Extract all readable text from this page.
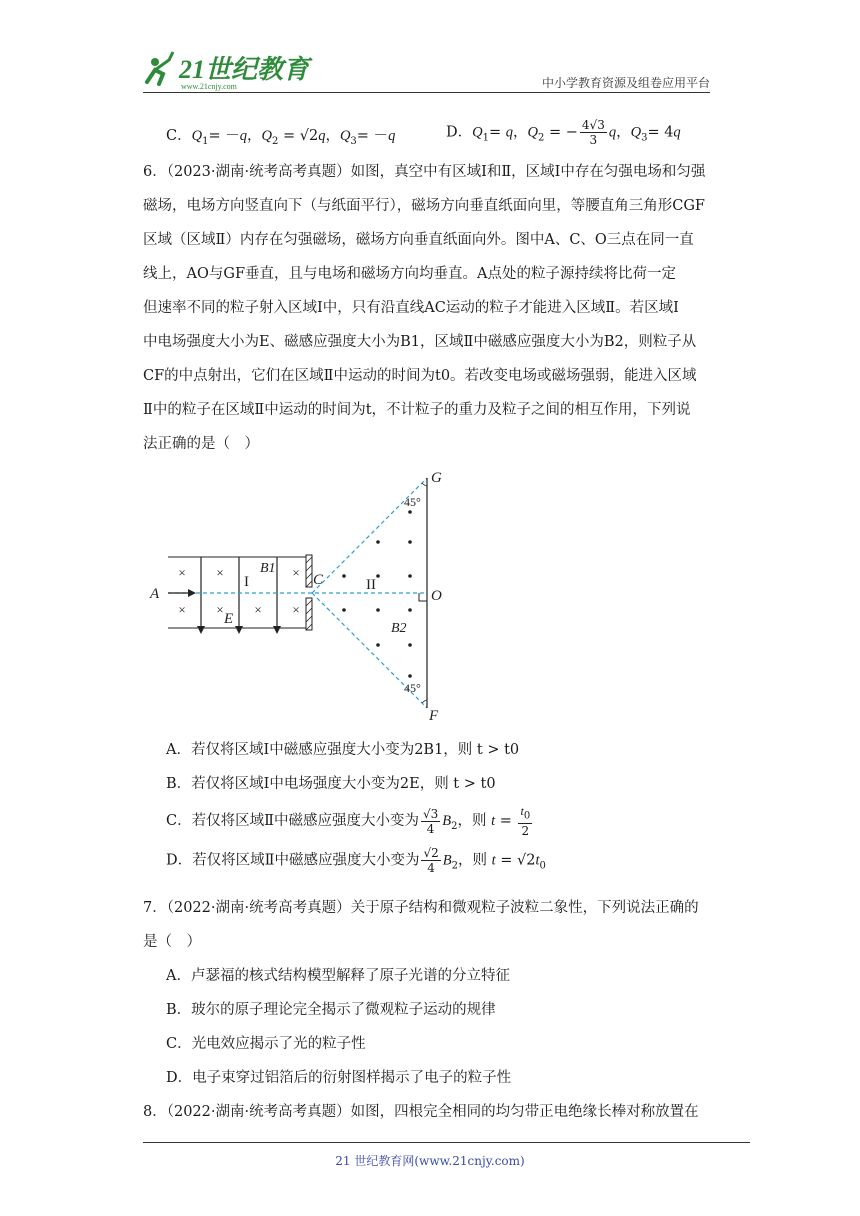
21世纪教育
www.21cnjy.com	中小学教育资源及组卷应用平台
C．$Q_1= -q$，$Q_2 = √2q$，$Q_3= -q$	D．$Q_1= q$，$Q_2$ = − $\frac{4√3}{3}$ q，$Q_3= 4q$
6．（2023·湖南·统考高考真题）如图，真空中有区域Ⅰ和Ⅱ，区域Ⅰ中存在匀强电场和匀强
磁场，电场方向竖直向下（与纸面平行），磁场方向垂直纸面向里，等腰直角三角形CGF
区域（区域Ⅱ）内存在匀强磁场，磁场方向垂直纸面向外。图中A、C、O三点在同一直
线上，AO与GF垂直，且与电场和磁场方向均垂直。A点处的粒子源持续将比荷一定
但速率不同的粒子射入区域Ⅰ中，只有沿直线AC运动的粒子才能进入区域Ⅱ。若区域Ⅰ
中电场强度大小为E、磁感应强度大小为B1，区域Ⅱ中磁感应强度大小为B2，则粒子从
CF的中点射出，它们在区域Ⅱ中运动的时间为t0。若改变电场或磁场强弱，能进入区域
Ⅱ中的粒子在区域Ⅱ中运动的时间为t，不计粒子的重力及粒子之间的相互作用，下列说
法正确的是（　）
× ×	×
× × × ×
A
C
O
G
F
E
B1
B2
I	II
45°
45°
A．若仅将区域Ⅰ中磁感应强度大小变为2B1，则 t > t0
B．若仅将区域Ⅰ中电场强度大小变为2E，则 t > t0
C．若仅将区域Ⅱ中磁感应强度大小变为 $\frac{√3}{4} B_2$，则 $t = \frac{t_0}{2}$
D．若仅将区域Ⅱ中磁感应强度大小变为 $\frac{√2}{4} B_2$，则 $t = √2t_0$
7．（2022·湖南·统考高考真题）关于原子结构和微观粒子波粒二象性，下列说法正确的
是（　）
A．卢瑟福的核式结构模型解释了原子光谱的分立特征
B．玻尔的原子理论完全揭示了微观粒子运动的规律
C．光电效应揭示了光的粒子性
D．电子束穿过铝箔后的衍射图样揭示了电子的粒子性
8．（2022·湖南·统考高考真题）如图，四根完全相同的均匀带正电绝缘长棒对称放置在
21 世纪教育网(www.21cnjy.com)
